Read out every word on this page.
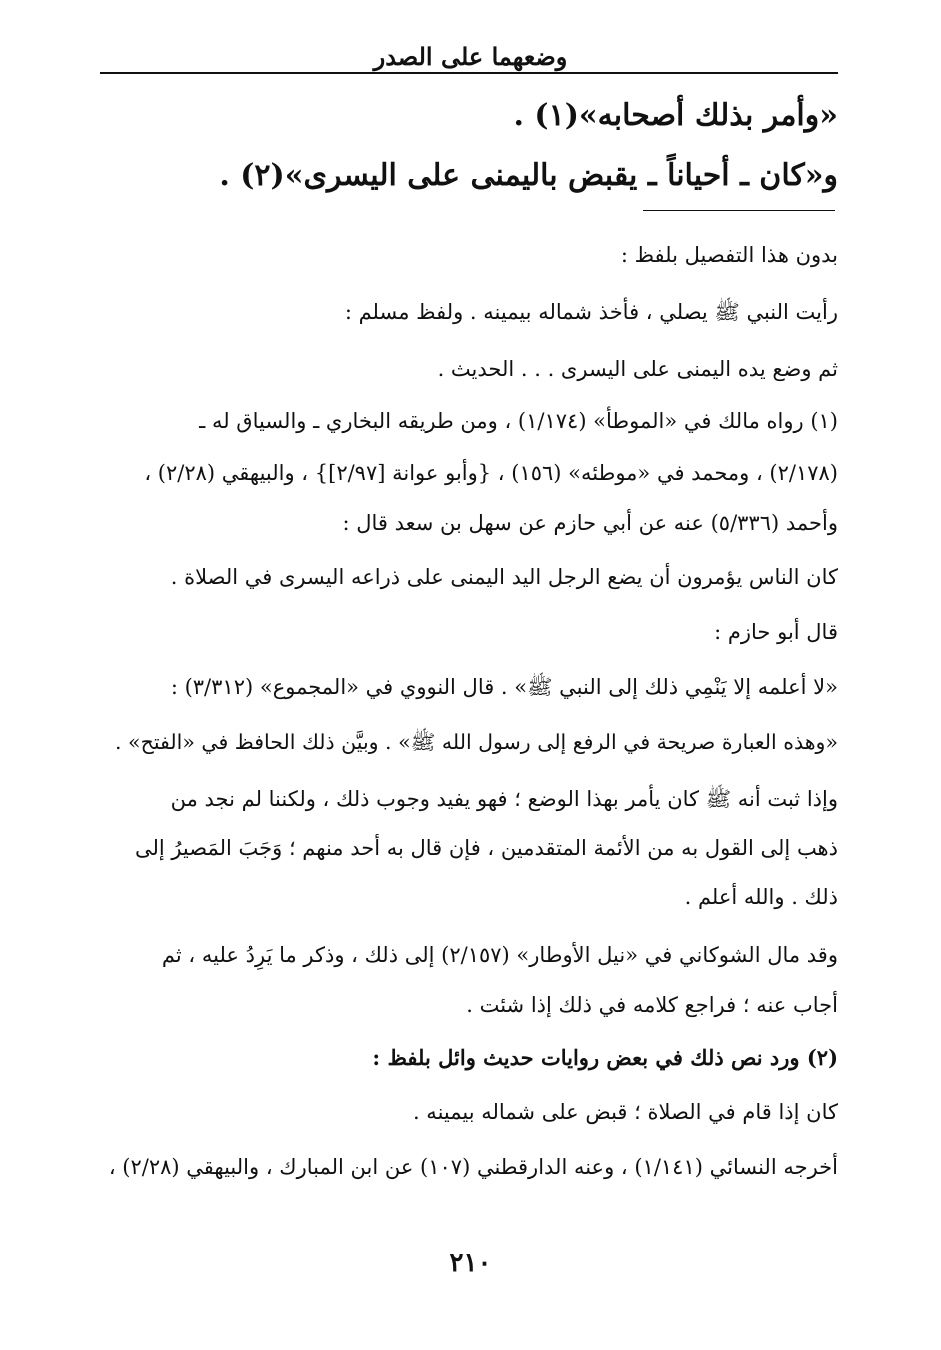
وضعهما على الصدر
«وأمر بذلك أصحابه»(١) .
و«كان ـ أحياناً ـ يقبض باليمنى على اليسرى»(٢) .
بدون هذا التفصيل بلفظ :
رأيت النبي ﷺ يصلي ، فأخذ شماله بيمينه . ولفظ مسلم :
ثم وضع يده اليمنى على اليسرى . . . الحديث .
(١) رواه مالك في «الموطأ» (١/١٧٤) ، ومن طريقه البخاري ـ والسياق له ـ
(٢/١٧٨) ، ومحمد في «موطئه» (١٥٦) ، {وأبو عوانة [٢/٩٧]} ، والبيهقي (٢/٢٨) ،
وأحمد (٥/٣٣٦) عنه عن أبي حازم عن سهل بن سعد قال :
كان الناس يؤمرون أن يضع الرجل اليد اليمنى على ذراعه اليسرى في الصلاة .
قال أبو حازم :
«لا أعلمه إلا يَنْمِي ذلك إلى النبي ﷺ» . قال النووي في «المجموع» (٣/٣١٢) :
«وهذه العبارة صريحة في الرفع إلى رسول الله ﷺ» . وبيَّن ذلك الحافظ في «الفتح» .
وإذا ثبت أنه ﷺ كان يأمر بهذا الوضع ؛ فهو يفيد وجوب ذلك ، ولكننا لم نجد من
ذهب إلى القول به من الأئمة المتقدمين ، فإن قال به أحد منهم ؛ وَجَبَ المَصيرُ إلى
ذلك . والله أعلم .
وقد مال الشوكاني في «نيل الأوطار» (٢/١٥٧) إلى ذلك ، وذكر ما يَرِدُ عليه ، ثم
أجاب عنه ؛ فراجع كلامه في ذلك إذا شئت .
(٢) ورد نص ذلك في بعض روايات حديث وائل بلفظ :
كان إذا قام في الصلاة ؛ قبض على شماله بيمينه .
أخرجه النسائي (١/١٤١) ، وعنه الدارقطني (١٠٧) عن ابن المبارك ، والبيهقي (٢/٢٨) ،
٢١٠
